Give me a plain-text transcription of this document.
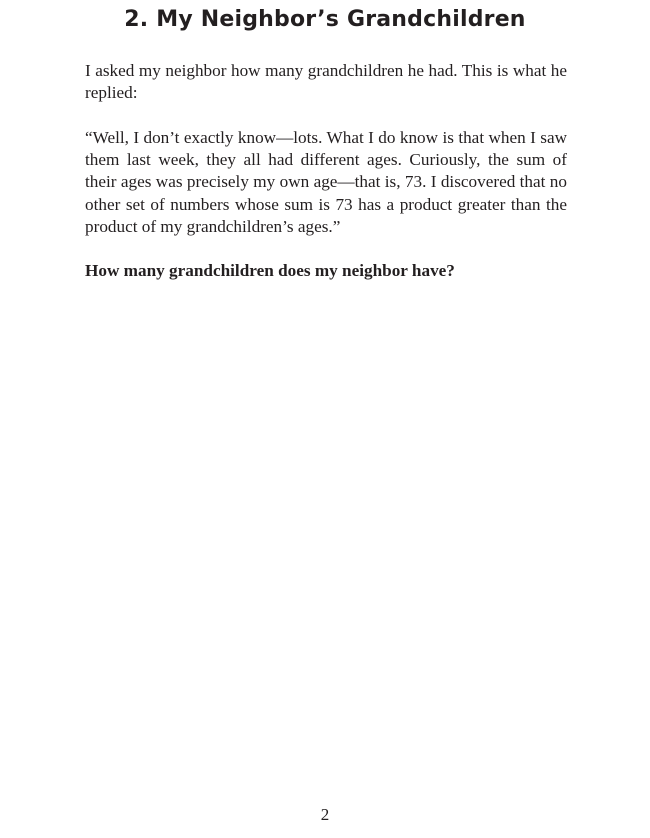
2. My Neighbor’s Grandchildren

I asked my neighbor how many grandchildren he had. This is what he replied:

“Well, I don’t exactly know—lots. What I do know is that when I saw them last week, they all had different ages. Curiously, the sum of their ages was precisely my own age—that is, 73. I discovered that no other set of numbers whose sum is 73 has a product greater than the product of my grandchildren’s ages.”

How many grandchildren does my neighbor have?

2
